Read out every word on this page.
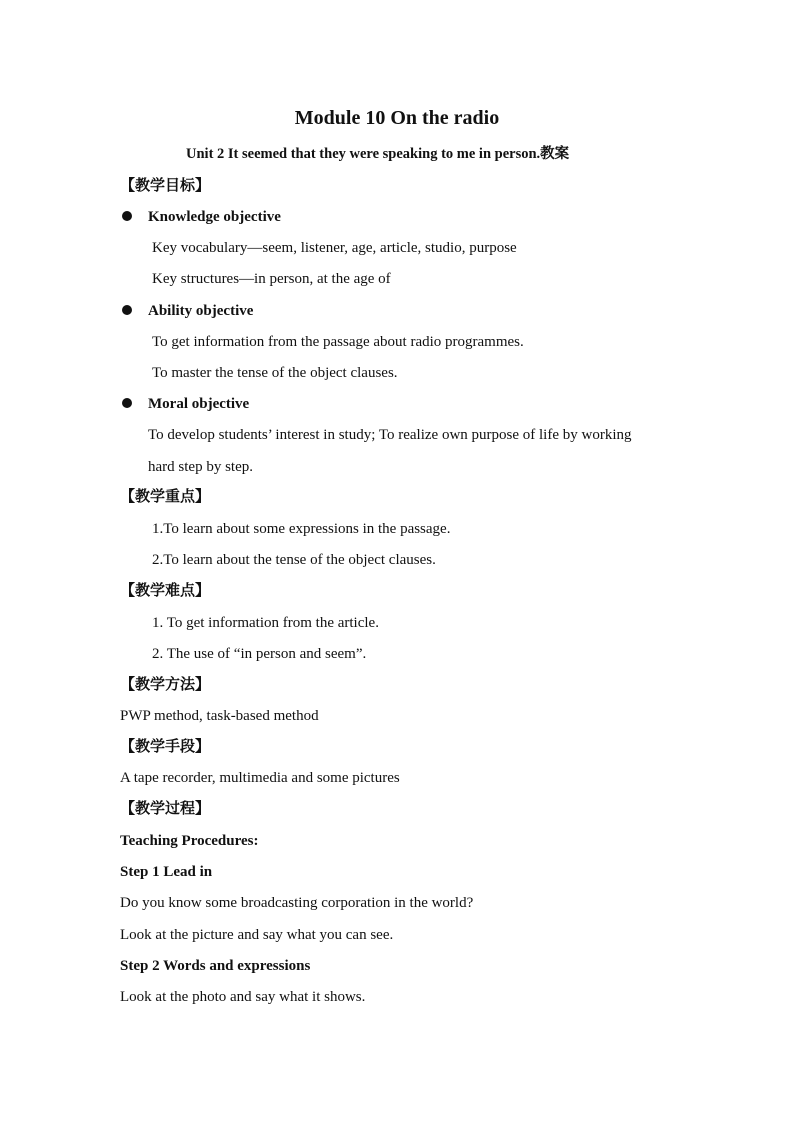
Module 10 On the radio
Unit 2 It seemed that they were speaking to me in person.教案
【教学目标】
Knowledge objective
Key vocabulary—seem, listener, age, article, studio, purpose
Key structures—in person, at the age of
Ability objective
To get information from the passage about radio programmes.
To master the tense of the object clauses.
Moral objective
To develop students’ interest in study; To realize own purpose of life by working
hard step by step.
【教学重点】
1.To learn about some expressions in the passage.
2.To learn about the tense of the object clauses.
【教学难点】
1. To get information from the article.
2. The use of “in person and seem”.
【教学方法】
PWP method, task-based method
【教学手段】
A tape recorder, multimedia and some pictures
【教学过程】
Teaching Procedures:
Step 1 Lead in
Do you know some broadcasting corporation in the world?
Look at the picture and say what you can see.
Step 2 Words and expressions
Look at the photo and say what it shows.
